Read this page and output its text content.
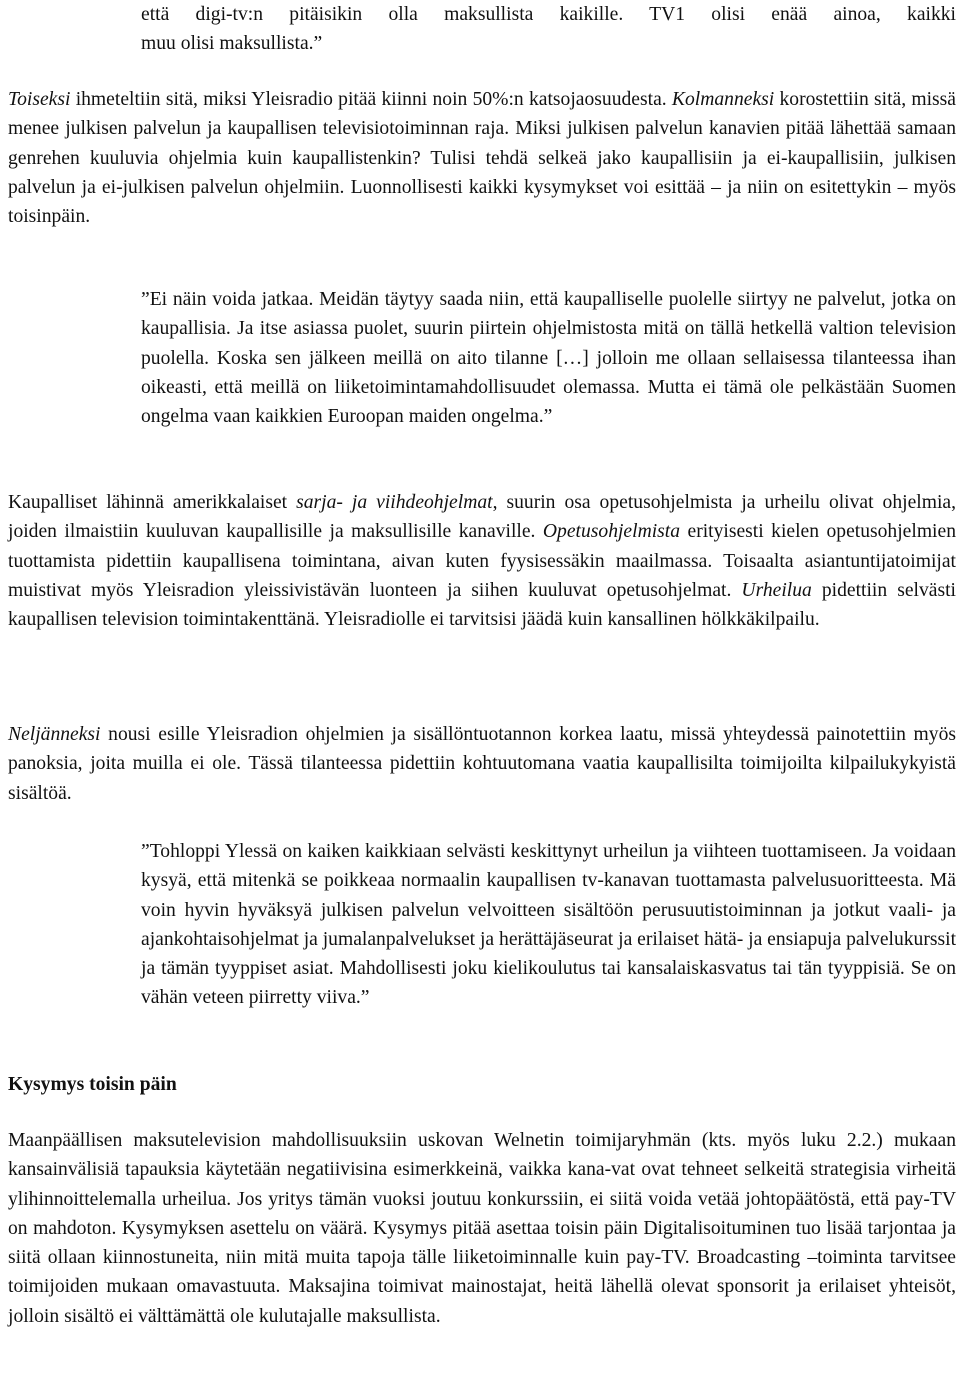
että digi-tv:n pitäisikin olla maksullista kaikille. TV1 olisi enää ainoa, kaikki
muu olisi maksullista.”

Toiseksi ihmeteltiin sitä, miksi Yleisradio pitää kiinni noin 50%:n katsojaosuudesta. Kolmanneksi korostettiin sitä, missä menee julkisen palvelun ja kaupallisen televisiotoiminnan raja. Miksi julkisen palvelun kanavien pitää lähettää samaan genrehen kuuluvia ohjelmia kuin kaupallistenkin? Tulisi tehdä selkeä jako kaupallisiin ja ei-kaupallisiin, julkisen palvelun ja ei-julkisen palvelun ohjelmiin. Luonnollisesti kaikki kysymykset voi esittää – ja niin on esitettykin – myös toisinpäin.

”Ei näin voida jatkaa. Meidän täytyy saada niin, että kaupalliselle puolelle siirtyy ne palvelut, jotka on kaupallisia. Ja itse asiassa puolet, suurin piirtein ohjelmistosta mitä on tällä hetkellä valtion television puolella. Koska sen jälkeen meillä on aito tilanne […] jolloin me ollaan sellaisessa tilanteessa ihan oikeasti, että meillä on liiketoimintamahdollisuudet olemassa. Mutta ei tämä ole pelkästään Suomen ongelma vaan kaikkien Euroopan maiden ongelma.”

Kaupalliset lähinnä amerikkalaiset sarja- ja viihdeohjelmat, suurin osa opetusohjelmista ja urheilu olivat ohjelmia, joiden ilmaistiin kuuluvan kaupallisille ja maksullisille kanaville. Opetusohjelmista erityisesti kielen opetusohjelmien tuottamista pidettiin kaupallisena toimintana, aivan kuten fyysisessäkin maailmassa. Toisaalta asiantuntijatoimijat muistivat myös Yleisradion yleissivistävän luonteen ja siihen kuuluvat opetusohjelmat. Urheilua pidettiin selvästi kaupallisen television toimintakenttänä. Yleisradiolle ei tarvitsisi jäädä kuin kansallinen hölkkäkilpailu.

Neljänneksi nousi esille Yleisradion ohjelmien ja sisällöntuotannon korkea laatu, missä yhteydessä painotettiin myös panoksia, joita muilla ei ole. Tässä tilanteessa pidettiin kohtuutomana vaatia kaupallisilta toimijoilta kilpailukykyistä sisältöä.

”Tohloppi Ylessä on kaiken kaikkiaan selvästi keskittynyt urheilun ja viihteen tuottamiseen. Ja voidaan kysyä, että mitenkä se poikkeaa normaalin kaupallisen tv-kanavan tuottamasta palvelusuoritteesta. Mä voin hyvin hyväksyä julkisen palvelun velvoitteen sisältöön perusuutistoiminnan ja jotkut vaali- ja ajankohtaisohjelmat ja jumalanpalvelukset ja herättäjäseurat ja erilaiset hätä- ja ensiapuja palvelukurssit ja tämän tyyppiset asiat. Mahdollisesti joku kielikoulutus tai kansalaiskasvatus tai tän tyyppisiä. Se on vähän veteen piirretty viiva.”

Kysymys toisin päin

Maanpäällisen maksutelevision mahdollisuuksiin uskovan Welnetin toimijaryhmän (kts. myös luku 2.2.) mukaan kansainvälisiä tapauksia käytetään negatiivisina esimerkkeinä, vaikka kana-vat ovat tehneet selkeitä strategisia virheitä ylihinnoittelemalla urheilua. Jos yritys tämän vuoksi joutuu konkurssiin, ei siitä voida vetää johtopäätöstä, että pay-TV on mahdoton. Kysymyksen asettelu on väärä. Kysymys pitää asettaa toisin päin Digitalisoituminen tuo lisää tarjontaa ja siitä ollaan kiinnostuneita, niin mitä muita tapoja tälle liiketoiminnalle kuin pay-TV. Broadcasting –toiminta tarvitsee toimijoiden mukaan omavastuuta. Maksajina toimivat mainostajat, heitä lähellä olevat sponsorit ja erilaiset yhteisöt, jolloin sisältö ei välttämättä ole kulutajalle maksullista.
